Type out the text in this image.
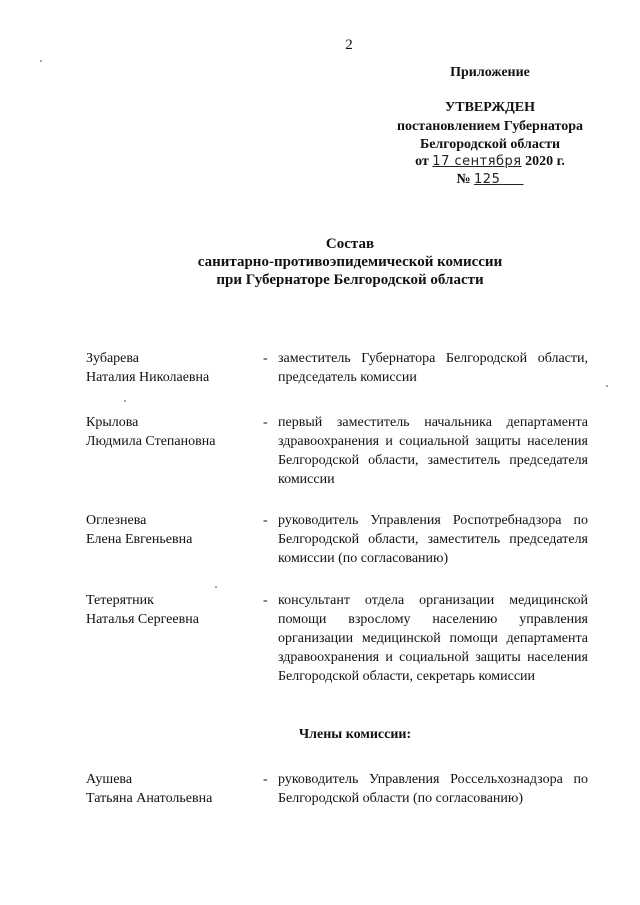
2
Приложение
УТВЕРЖДЕН
постановлением Губернатора
Белгородской области
от 17 сентября 2020 г.
№ 125
Состав
санитарно-противоэпидемической комиссии
при Губернаторе Белгородской области
Зубарева
Наталия Николаевна
- заместитель Губернатора Белгородской области, председатель комиссии
Крылова
Людмила Степановна
- первый заместитель начальника департамента здравоохранения и социальной защиты населения Белгородской области, заместитель председателя комиссии
Оглезнева
Елена Евгеньевна
- руководитель Управления Роспотребнадзора по Белгородской области, заместитель председателя комиссии (по согласованию)
Тетерятник
Наталья Сергеевна
- консультант отдела организации медицинской помощи взрослому населению управления организации медицинской помощи департамента здравоохранения и социальной защиты населения Белгородской области, секретарь комиссии
Члены комиссии:
Аушева
Татьяна Анатольевна
- руководитель Управления Россельхознадзора по Белгородской области (по согласованию)
